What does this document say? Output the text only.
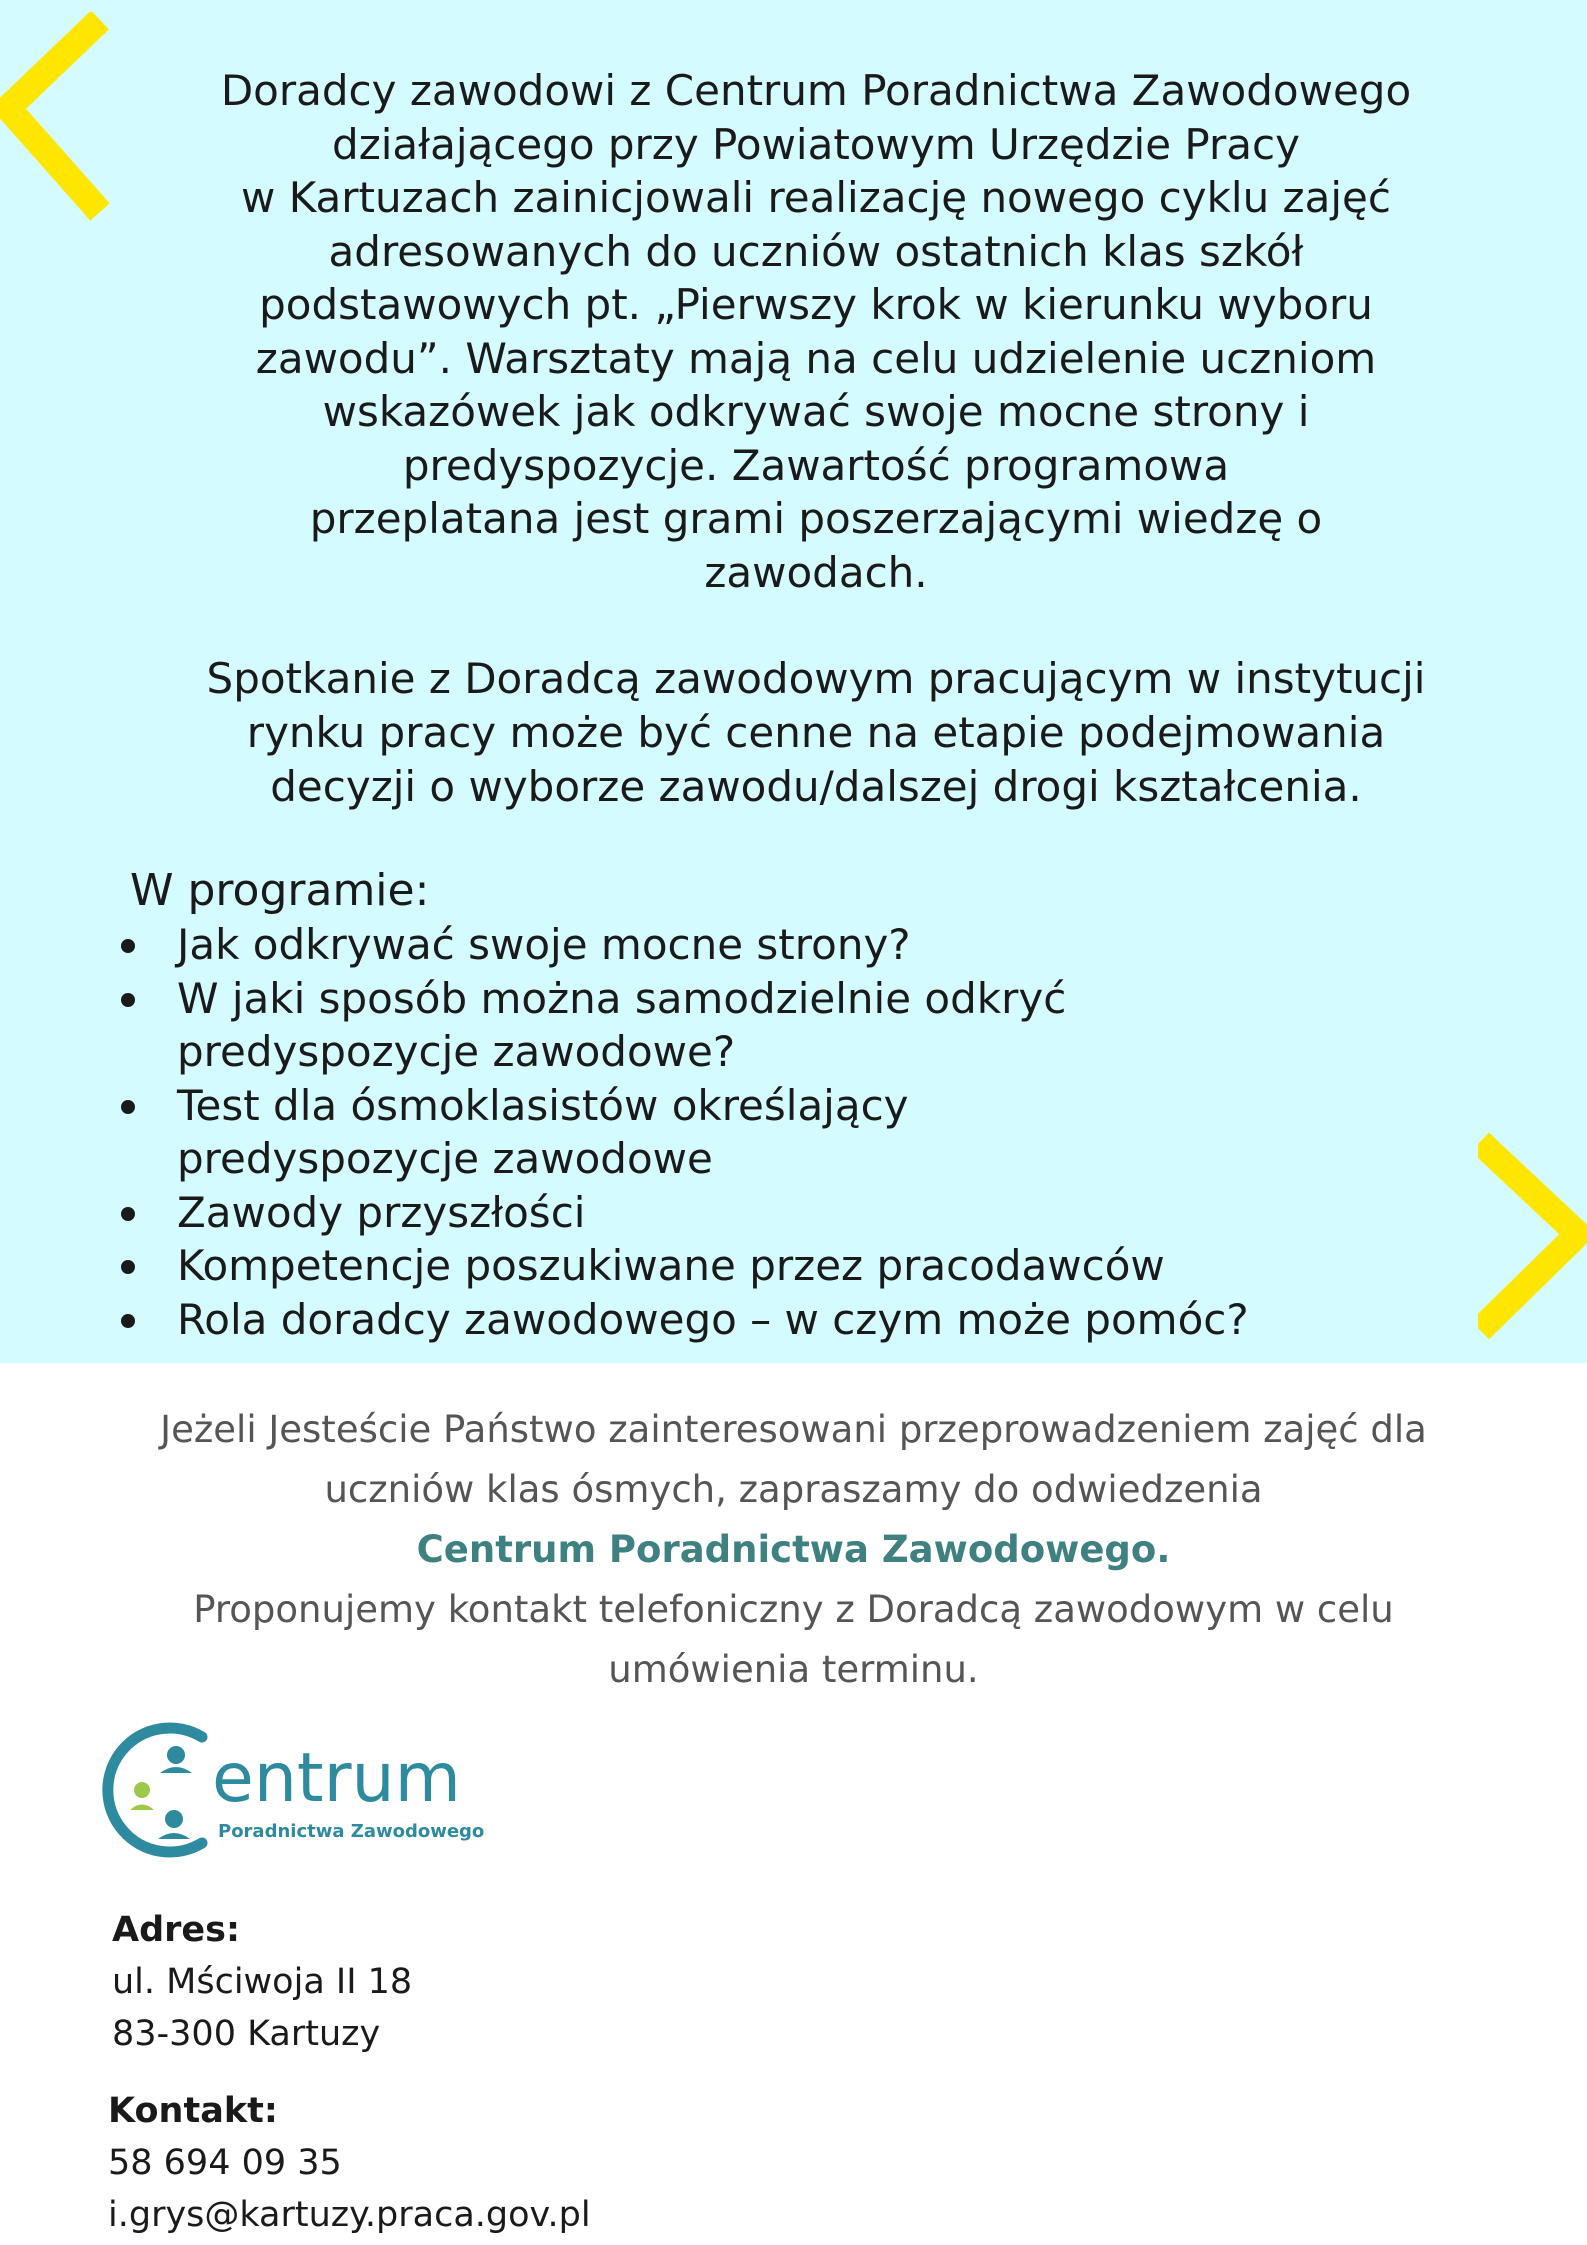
Doradcy zawodowi z Centrum Poradnictwa Zawodowego
działającego przy Powiatowym Urzędzie Pracy
w Kartuzach zainicjowali realizację nowego cyklu zajęć
adresowanych do uczniów ostatnich klas szkół
podstawowych pt. „Pierwszy krok w kierunku wyboru
zawodu”. Warsztaty mają na celu udzielenie uczniom
wskazówek jak odkrywać swoje mocne strony i
predyspozycje. Zawartość programowa
przeplatana jest grami poszerzającymi wiedzę o
zawodach.

Spotkanie z Doradcą zawodowym pracującym w instytucji
rynku pracy może być cenne na etapie podejmowania
decyzji o wyborze zawodu/dalszej drogi kształcenia.

W programie:
Jak odkrywać swoje mocne strony?
W jaki sposób można samodzielnie odkryć
predyspozycje zawodowe?
Test dla ósmoklasistów określający
predyspozycje zawodowe
Zawody przyszłości
Kompetencje poszukiwane przez pracodawców
Rola doradcy zawodowego – w czym może pomóc?

Jeżeli Jesteście Państwo zainteresowani przeprowadzeniem zajęć dla
uczniów klas ósmych, zapraszamy do odwiedzenia
Centrum Poradnictwa Zawodowego.
Proponujemy kontakt telefoniczny z Doradcą zawodowym w celu
umówienia terminu.

entrum
Poradnictwa Zawodowego
Adres:
ul. Mściwoja II 18
83-300 Kartuzy
Kontakt:
58 694 09 35
i.grys@kartuzy.praca.gov.pl
